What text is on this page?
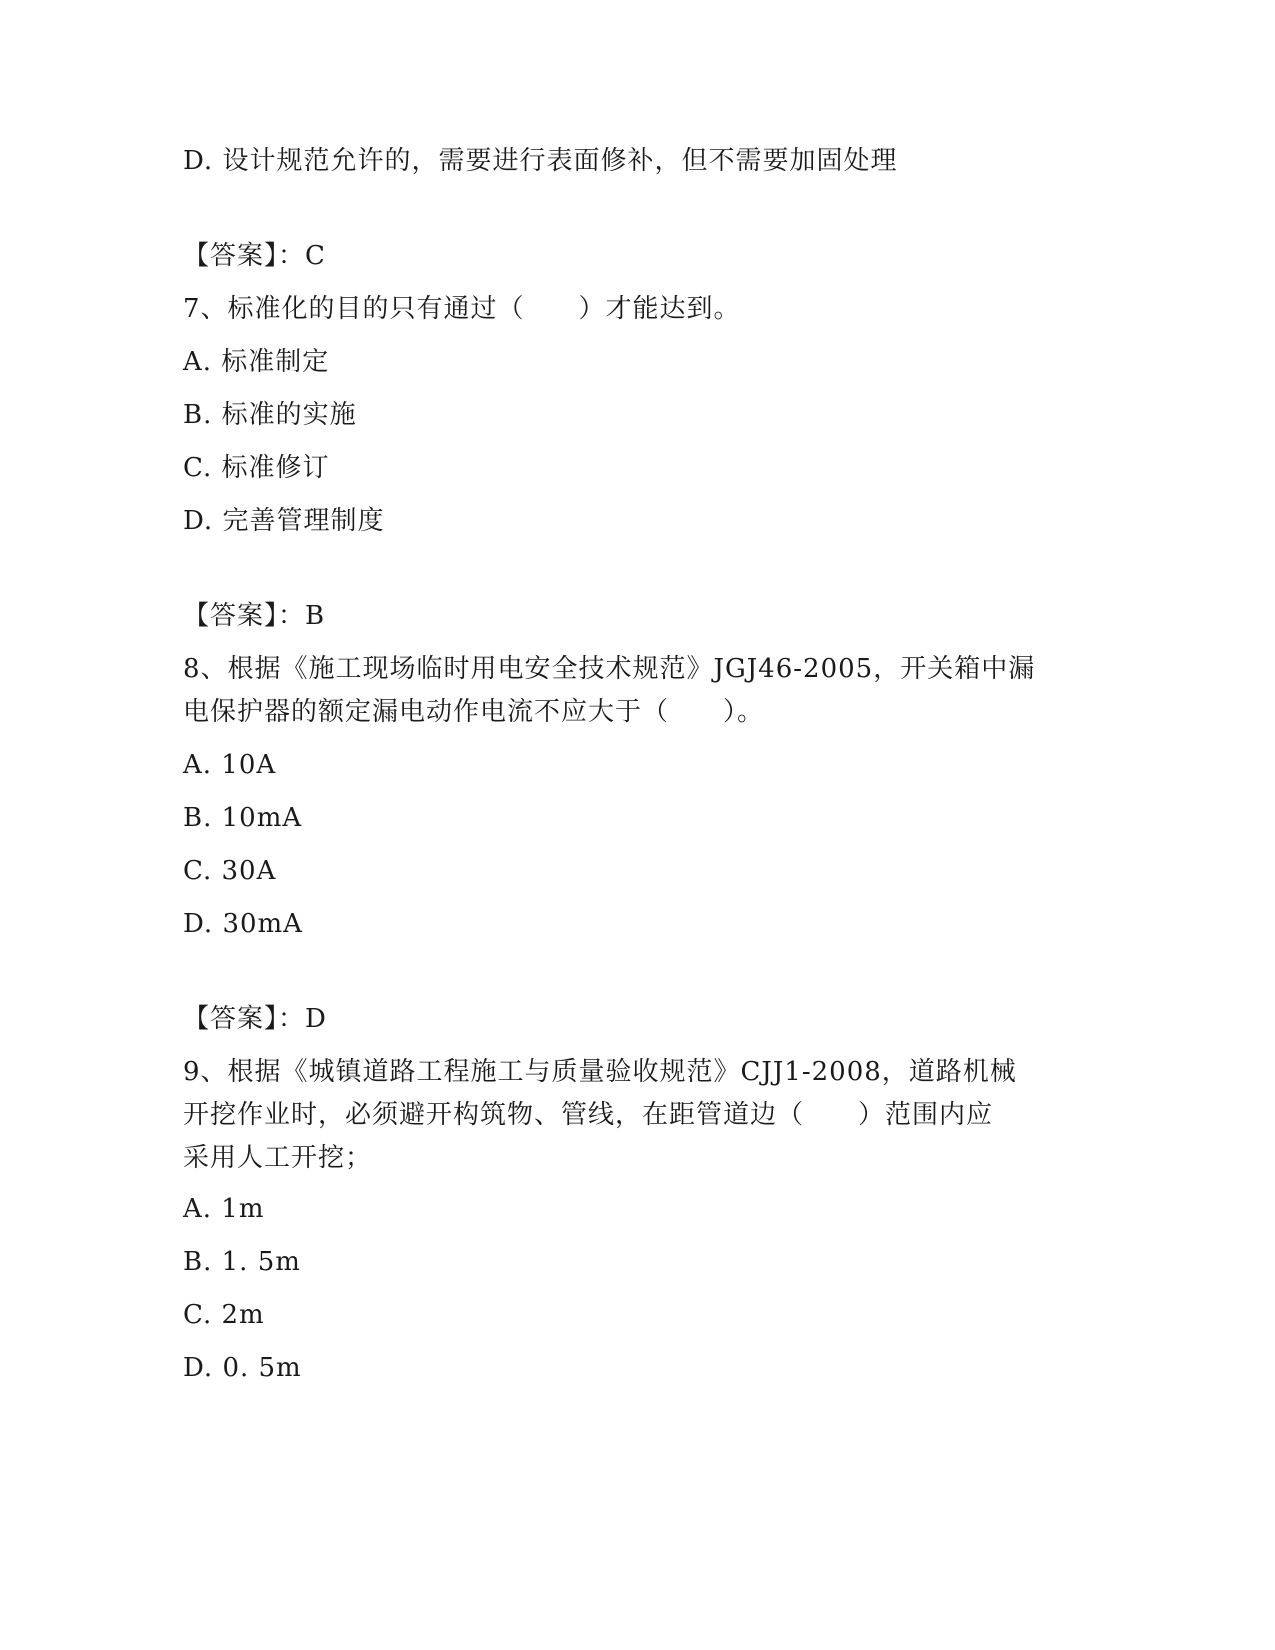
D. 设计规范允许的，需要进行表面修补，但不需要加固处理
【答案】：C
7、标准化的目的只有通过（　　）才能达到。
A. 标准制定
B. 标准的实施
C. 标准修订
D. 完善管理制度
【答案】：B
8、根据《施工现场临时用电安全技术规范》JGJ46-2005，开关箱中漏
电保护器的额定漏电动作电流不应大于（　　）。
A. 10A
B. 10mA
C. 30A
D. 30mA
【答案】：D
9、根据《城镇道路工程施工与质量验收规范》CJJ1-2008，道路机械
开挖作业时，必须避开构筑物、管线，在距管道边（　　）范围内应
采用人工开挖；
A. 1m
B. 1. 5m
C. 2m
D. 0. 5m
